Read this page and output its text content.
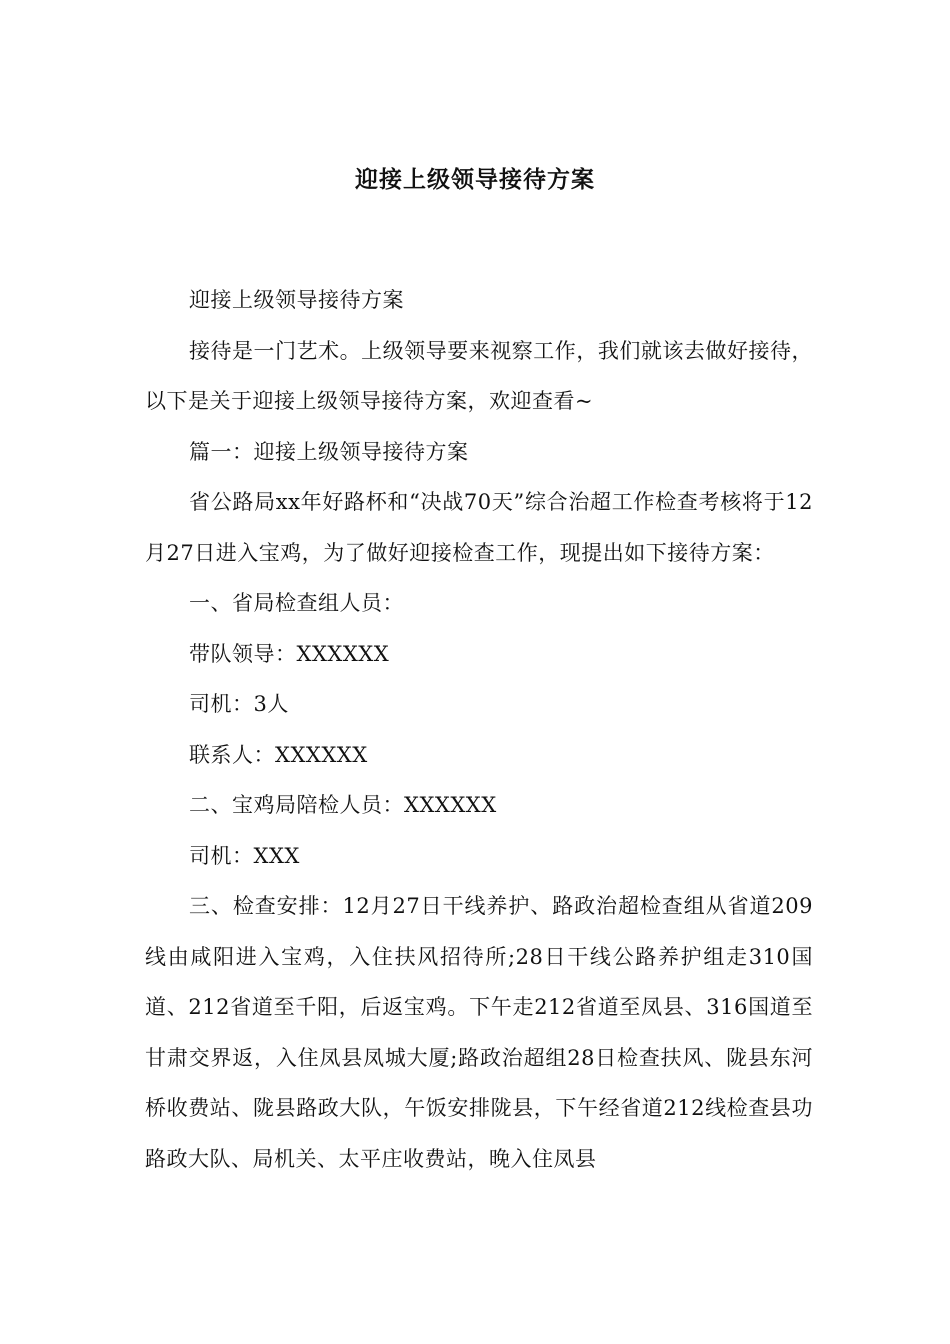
迎接上级领导接待方案

迎接上级领导接待方案

接待是一门艺术。上级领导要来视察工作，我们就该去做好接待，以下是关于迎接上级领导接待方案，欢迎查看~

篇一：迎接上级领导接待方案

省公路局xx年好路杯和“决战70天”综合治超工作检查考核将于12月27日进入宝鸡，为了做好迎接检查工作，现提出如下接待方案：

一、省局检查组人员：

带队领导：XXXXXX

司机：3人

联系人：XXXXXX

二、宝鸡局陪检人员：XXXXXX

司机：XXX

三、检查安排：12月27日干线养护、路政治超检查组从省道209线由咸阳进入宝鸡，入住扶风招待所;28日干线公路养护组走310国道、212省道至千阳，后返宝鸡。下午走212省道至凤县、316国道至甘肃交界返，入住凤县凤城大厦;路政治超组28日检查扶风、陇县东河桥收费站、陇县路政大队，午饭安排陇县，下午经省道212线检查县功路政大队、局机关、太平庄收费站，晚入住凤县
